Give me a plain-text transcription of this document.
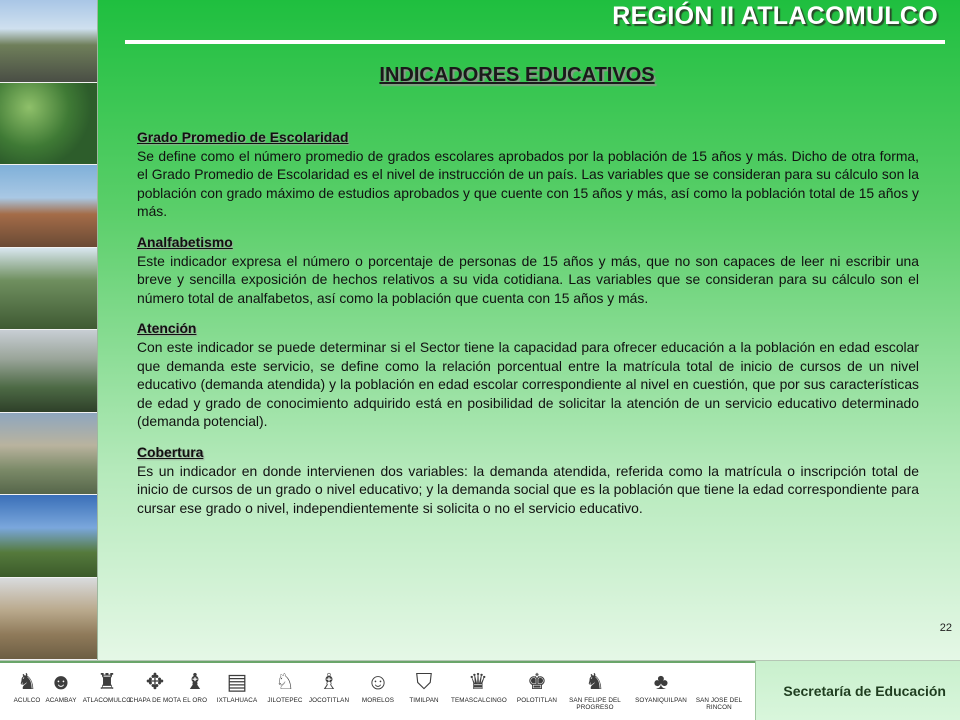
REGIÓN II ATLACOMULCO
INDICADORES EDUCATIVOS
Grado Promedio de Escolaridad
Se define como el número promedio de grados escolares aprobados por la población de 15 años y más. Dicho de otra forma, el Grado Promedio de Escolaridad es el nivel de instrucción de un país. Las variables que se consideran para su cálculo son la población con grado máximo de estudios aprobados y que cuente con 15 años y más, así como la población total de 15 años y más.
Analfabetismo
Este indicador expresa el número o porcentaje de personas de 15 años y más, que no son capaces de leer ni escribir una breve y sencilla exposición de hechos relativos a su vida cotidiana. Las variables que se consideran para su cálculo son el número total de analfabetos, así como la población que cuenta con 15 años y más.
Atención
Con este indicador se puede determinar si el Sector tiene la capacidad para ofrecer educación a la población en edad escolar que demanda este servicio, se define como la relación porcentual entre la matrícula total de inicio de cursos de un nivel educativo (demanda atendida) y la población en edad escolar correspondiente al nivel en cuestión, que por sus características de edad y grado de conocimiento adquirido está en posibilidad de solicitar la atención de un servicio educativo determinado (demanda potencial).
Cobertura
Es un indicador en donde intervienen dos variables: la demanda atendida, referida como la matrícula o inscripción total de inicio de cursos de un grado o nivel educativo; y la demanda social que es la población que tiene la edad correspondiente para cursar ese grado o nivel, independientemente si solicita o no el servicio educativo.
22
♞
ACULCO
☻
ACAMBAY
♜
ATLACOMULCO
✥
CHAPA DE MOTA
♝
EL ORO
▤
IXTLAHUACA
♘
JILOTEPEC
♗
JOCOTITLAN
☺
MORELOS
⛉
TIMILPAN
♛
TEMASCALCINGO
♚
POLOTITLAN
♞
SAN FELIPE DEL PROGRESO
♣
SOYANIQUILPAN	SAN JOSE DEL RINCON
Secretaría de Educación
